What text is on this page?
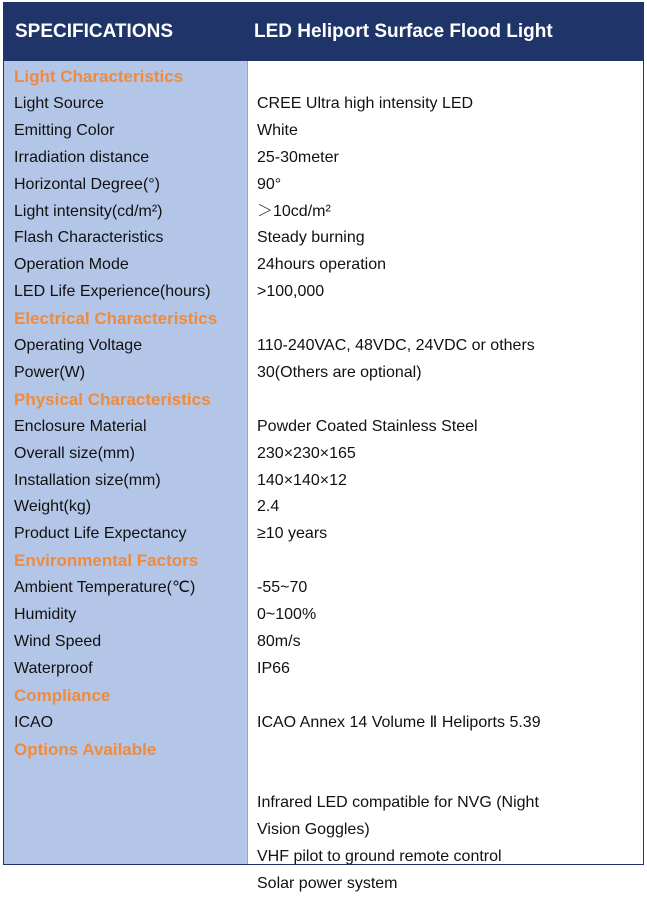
SPECIFICATIONS	LED Heliport Surface Flood Light
Light Characteristics
Light Source	CREE Ultra high intensity LED
Emitting Color	White
Irradiation distance	25-30meter
Horizontal Degree(°)	90°
Light intensity(cd/m²)	＞10cd/m²
Flash Characteristics	Steady burning
Operation Mode	24hours operation
LED Life Experience(hours)	>100,000
Electrical Characteristics
Operating Voltage	110-240VAC, 48VDC, 24VDC or others
Power(W)	30(Others are optional)
Physical Characteristics
Enclosure Material	Powder Coated Stainless Steel
Overall size(mm)	230×230×165
Installation size(mm)	140×140×12
Weight(kg)	2.4
Product Life Expectancy	≥10 years
Environmental Factors
Ambient Temperature(℃)	-55~70
Humidity	0~100%
Wind Speed	80m/s
Waterproof	IP66
Compliance
ICAO	ICAO Annex 14 Volume Ⅱ Heliports 5.39
Options Available
Infrared LED compatible for NVG (Night
Vision Goggles)
VHF pilot to ground remote control
Solar power system
